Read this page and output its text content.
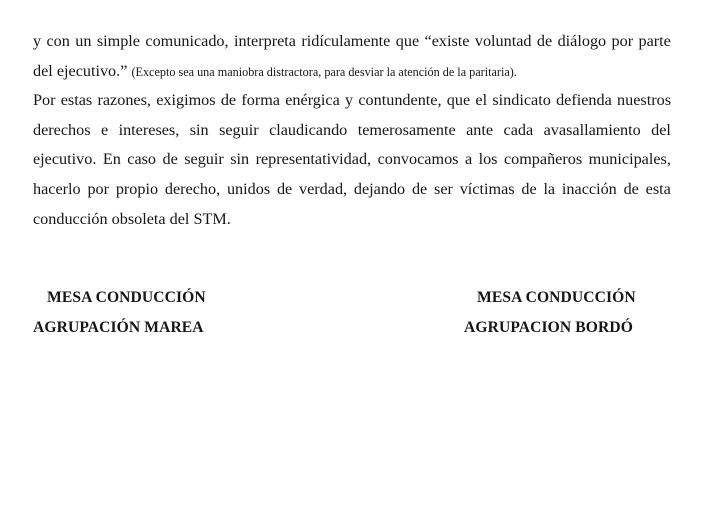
y con un simple comunicado, interpreta ridículamente que “existe voluntad de diálogo por parte
del ejecutivo.” (Excepto sea una maniobra distractora, para desviar la atención de la paritaria).
Por estas razones, exigimos de forma enérgica y contundente, que el sindicato defienda nuestros
derechos e intereses, sin seguir claudicando temerosamente ante cada avasallamiento del
ejecutivo. En caso de seguir sin representatividad, convocamos a los compañeros municipales,
hacerlo por propio derecho, unidos de verdad, dejando de ser víctimas de la inacción de esta
conducción obsoleta del STM.
MESA CONDUCCIÓN
AGRUPACIÓN MAREA
MESA CONDUCCIÓN
AGRUPACION BORDÓ
